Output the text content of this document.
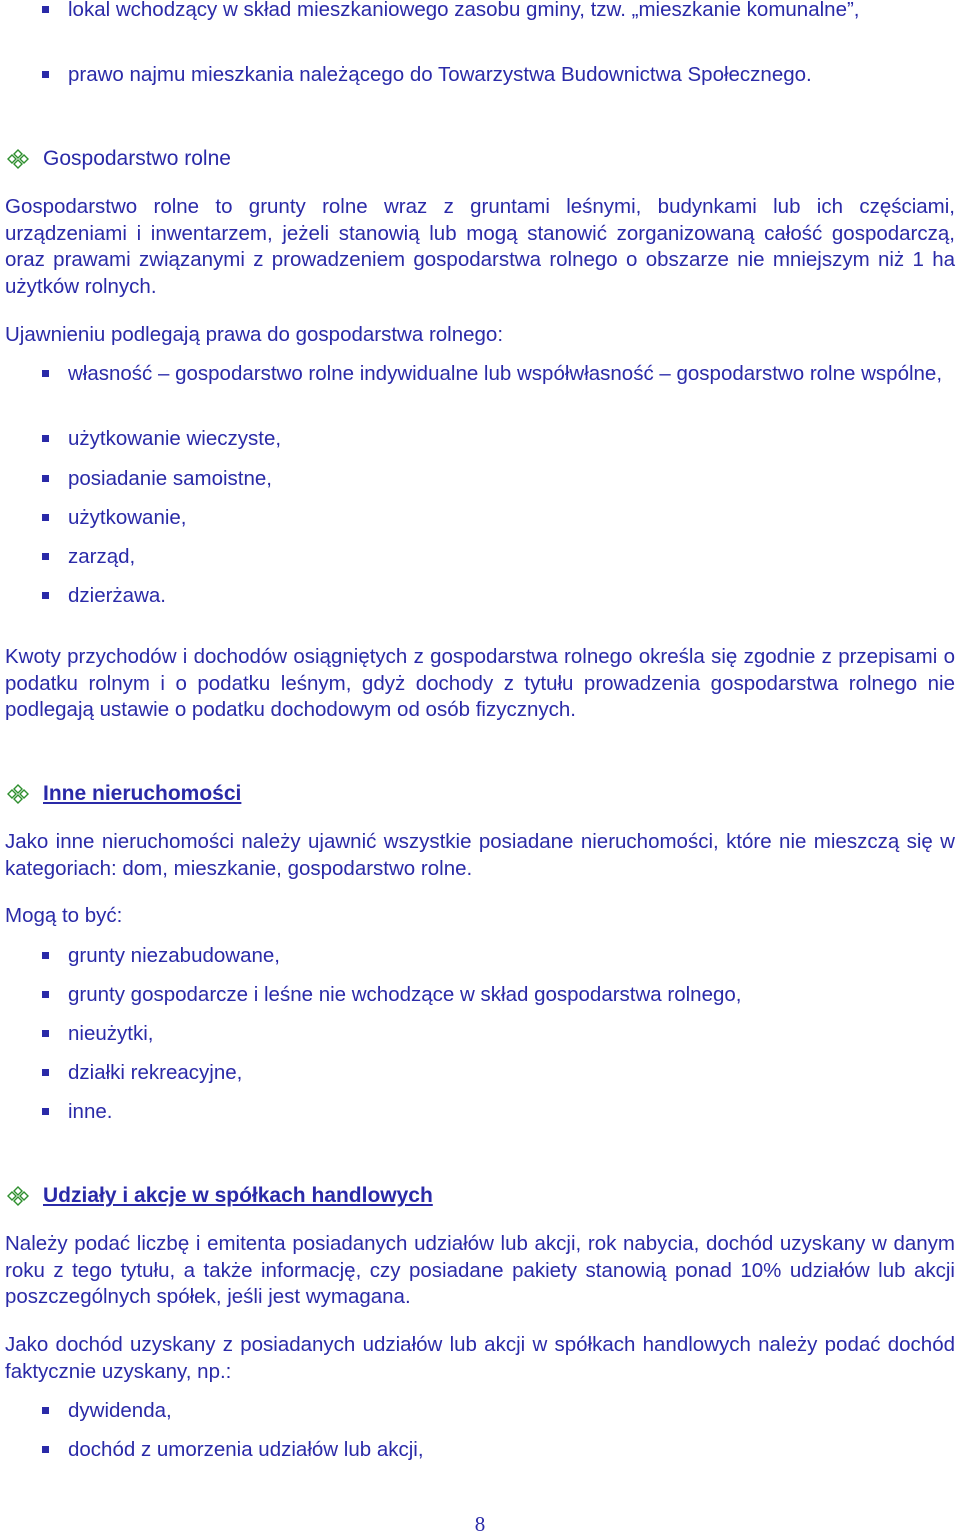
lokal wchodzący w skład mieszkaniowego zasobu gminy, tzw. „mieszkanie komunalne”,
prawo najmu mieszkania należącego do Towarzystwa Budownictwa Społecznego.
Gospodarstwo rolne

Gospodarstwo rolne to grunty rolne wraz z gruntami leśnymi, budynkami lub ich częściami, urządzeniami i inwentarzem, jeżeli stanowią lub mogą stanowić zorganizowaną całość gospodarczą, oraz prawami związanymi z prowadzeniem gospodarstwa rolnego o obszarze nie mniejszym niż 1 ha użytków rolnych.

Ujawnieniu podlegają prawa do gospodarstwa rolnego:

własność – gospodarstwo rolne indywidualne lub współwłasność – gospodarstwo rolne wspólne,
użytkowanie wieczyste,
posiadanie samoistne,
użytkowanie,
zarząd,
dzierżawa.

Kwoty przychodów i dochodów osiągniętych z gospodarstwa rolnego określa się zgodnie z przepisami o podatku rolnym i o podatku leśnym, gdyż dochody z tytułu prowadzenia gospodarstwa rolnego nie podlegają ustawie o podatku dochodowym od osób fizycznych.

Inne nieruchomości

Jako inne nieruchomości należy ujawnić wszystkie posiadane nieruchomości, które nie mieszczą się w kategoriach: dom, mieszkanie, gospodarstwo rolne.

Mogą to być:

grunty niezabudowane,
grunty gospodarcze i leśne nie wchodzące w skład gospodarstwa rolnego,
nieużytki,
działki rekreacyjne,
inne.
Udziały i akcje w spółkach handlowych

Należy podać liczbę i emitenta posiadanych udziałów lub akcji, rok nabycia, dochód uzyskany w danym roku z tego tytułu, a także informację, czy posiadane pakiety stanowią ponad 10% udziałów lub akcji poszczególnych spółek, jeśli jest wymagana.

Jako dochód uzyskany z posiadanych udziałów lub akcji w spółkach handlowych należy podać dochód faktycznie uzyskany, np.:

dywidenda,
dochód z umorzenia udziałów lub akcji,
8
